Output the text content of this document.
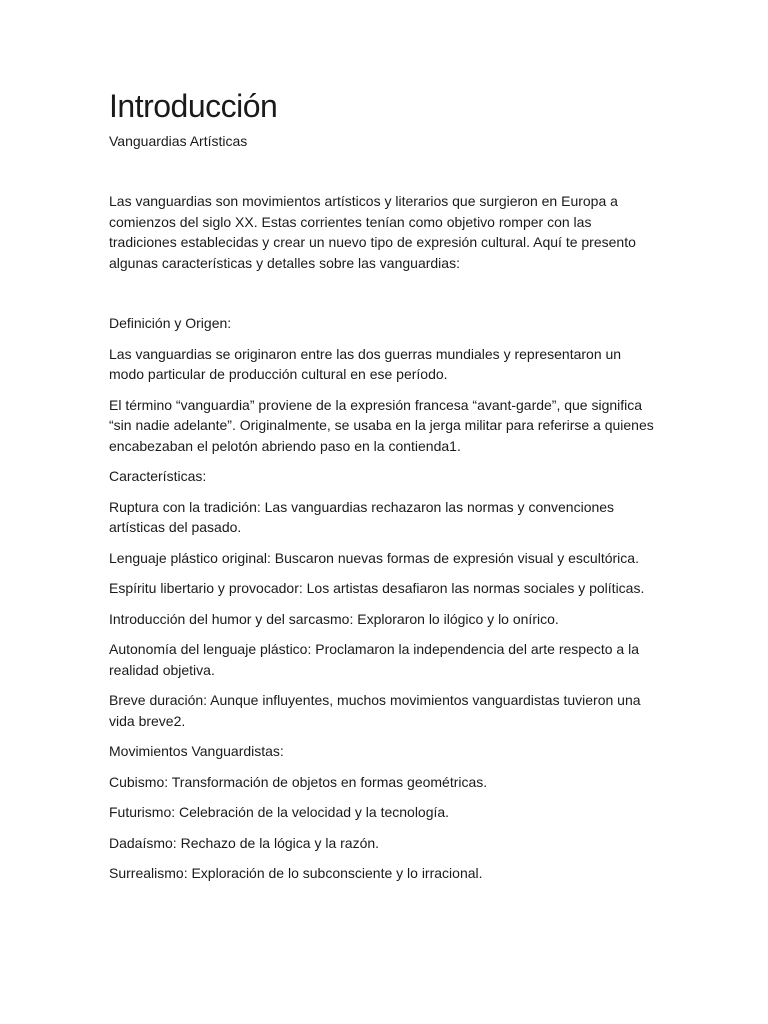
Introducción
Vanguardias Artísticas

Las vanguardias son movimientos artísticos y literarios que surgieron en Europa a comienzos del siglo XX. Estas corrientes tenían como objetivo romper con las tradiciones establecidas y crear un nuevo tipo de expresión cultural. Aquí te presento algunas características y detalles sobre las vanguardias:

Definición y Origen:

Las vanguardias se originaron entre las dos guerras mundiales y representaron un modo particular de producción cultural en ese período.

El término “vanguardia” proviene de la expresión francesa “avant-garde”, que significa “sin nadie adelante”. Originalmente, se usaba en la jerga militar para referirse a quienes encabezaban el pelotón abriendo paso en la contienda1.

Características:

Ruptura con la tradición: Las vanguardias rechazaron las normas y convenciones artísticas del pasado.

Lenguaje plástico original: Buscaron nuevas formas de expresión visual y escultórica.

Espíritu libertario y provocador: Los artistas desafiaron las normas sociales y políticas.

Introducción del humor y del sarcasmo: Exploraron lo ilógico y lo onírico.

Autonomía del lenguaje plástico: Proclamaron la independencia del arte respecto a la realidad objetiva.

Breve duración: Aunque influyentes, muchos movimientos vanguardistas tuvieron una vida breve2.

Movimientos Vanguardistas:

Cubismo: Transformación de objetos en formas geométricas.

Futurismo: Celebración de la velocidad y la tecnología.

Dadaísmo: Rechazo de la lógica y la razón.

Surrealismo: Exploración de lo subconsciente y lo irracional.
